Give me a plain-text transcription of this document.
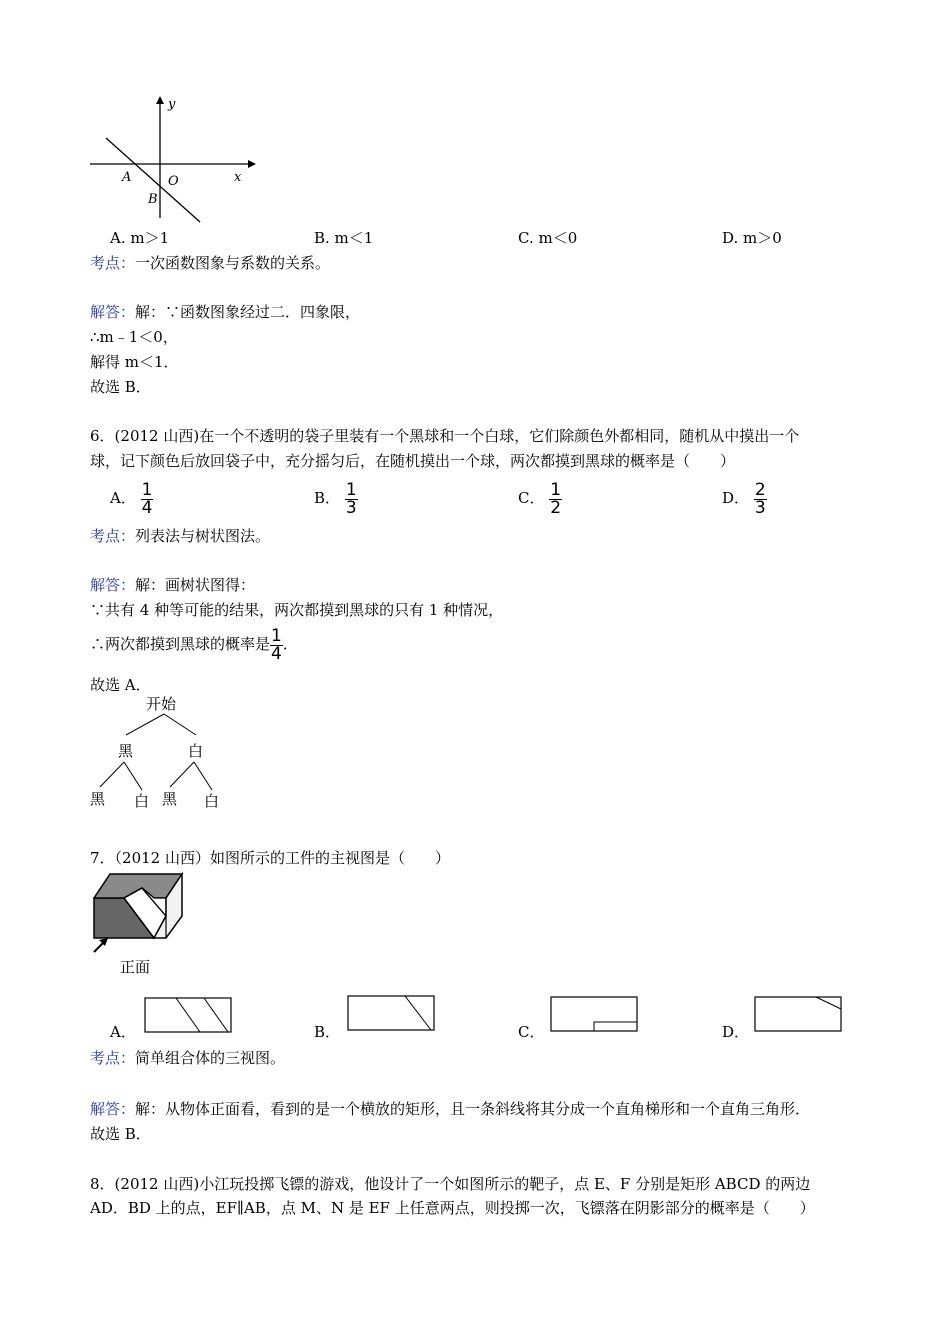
y
x
O
A
B
A. m＞1	B. m＜1	C. m＜0	D. m＞0
考点：一次函数图象与系数的关系。
解答：解：∵函数图象经过二．四象限，
∴m﹣1＜0，
解得 m＜1．
故选 B．
6．(2012 山西)在一个不透明的袋子里装有一个黑球和一个白球，它们除颜色外都相同，随机从中摸出一个
球，记下颜色后放回袋子中，充分摇匀后，在随机摸出一个球，两次都摸到黑球的概率是（　　）
A． $\frac{1}{4}$	B． $\frac{1}{3}$	C． $\frac{1}{2}$	D． $\frac{2}{3}$
考点：列表法与树状图法。
解答：解：画树状图得：
∵共有 4 种等可能的结果，两次都摸到黑球的只有 1 种情况，
∴两次都摸到黑球的概率是 $\frac{1}{4}$ ．
故选 A．
开始
黑	白
黑 白 黑 白
7．（2012 山西）如图所示的工件的主视图是（　　）
正面
A．	B．	C．	D．
考点：简单组合体的三视图。
解答：解：从物体正面看，看到的是一个横放的矩形，且一条斜线将其分成一个直角梯形和一个直角三角形．
故选 B．
8．(2012 山西)小江玩投掷飞镖的游戏，他设计了一个如图所示的靶子，点 E、F 分别是矩形 ABCD 的两边
AD．BD 上的点，EF∥AB，点 M、N 是 EF 上任意两点，则投掷一次，飞镖落在阴影部分的概率是（　　）
